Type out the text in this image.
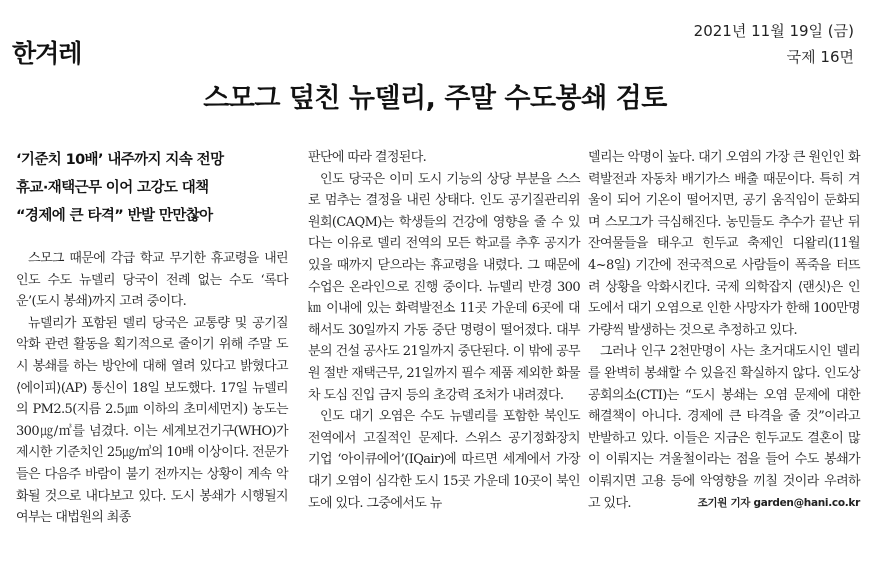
한겨레
2021년 11월 19일 (금)
국제 16면
스모그 덮친 뉴델리, 주말 수도봉쇄 검토
‘기준치 10배’ 내주까지 지속 전망
휴교·재택근무 이어 고강도 대책
“경제에 큰 타격” 반발 만만찮아

스모그 때문에 각급 학교 무기한 휴교령을 내린 인도 수도 뉴델리 당국이 전례 없는 수도 ‘록다운’(도시 봉쇄)까지 고려 중이다.

뉴델리가 포함된 델리 당국은 교통량 및 공기질 악화 관련 활동을 획기적으로 줄이기 위해 주말 도시 봉쇄를 하는 방안에 대해 열려 있다고 밝혔다고 ⟨에이피⟩(AP) 통신이 18일 보도했다. 17일 뉴델리의 PM2.5(지름 2.5㎛ 이하의 초미세먼지) 농도는 300㎍/㎥를 넘겼다. 이는 세계보건기구(WHO)가 제시한 기준치인 25㎍/㎥의 10배 이상이다. 전문가들은 다음주 바람이 불기 전까지는 상황이 계속 악화될 것으로 내다보고 있다. 도시 봉쇄가 시행될지 여부는 대법원의 최종

판단에 따라 결정된다.

인도 당국은 이미 도시 기능의 상당 부분을 스스로 멈추는 결정을 내린 상태다. 인도 공기질관리위원회(CAQM)는 학생들의 건강에 영향을 줄 수 있다는 이유로 델리 전역의 모든 학교를 추후 공지가 있을 때까지 닫으라는 휴교령을 내렸다. 그 때문에 수업은 온라인으로 진행 중이다. 뉴델리 반경 300㎞ 이내에 있는 화력발전소 11곳 가운데 6곳에 대해서도 30일까지 가동 중단 명령이 떨어졌다. 대부분의 건설 공사도 21일까지 중단된다. 이 밖에 공무원 절반 재택근무, 21일까지 필수 제품 제외한 화물차 도심 진입 금지 등의 초강력 조처가 내려졌다.

인도 대기 오염은 수도 뉴델리를 포함한 북인도 전역에서 고질적인 문제다. 스위스 공기정화장치 기업 ‘아이큐에어’(IQair)에 따르면 세계에서 가장 대기 오염이 심각한 도시 15곳 가운데 10곳이 북인도에 있다. 그중에서도 뉴

델리는 악명이 높다. 대기 오염의 가장 큰 원인인 화력발전과 자동차 배기가스 배출 때문이다. 특히 겨울이 되어 기온이 떨어지면, 공기 움직임이 둔화되며 스모그가 극심해진다. 농민들도 추수가 끝난 뒤 잔여물들을 태우고 힌두교 축제인 디왈리(11월4~8일) 기간에 전국적으로 사람들이 폭죽을 터뜨려 상황을 악화시킨다. 국제 의학잡지 ⟨랜싯⟩은 인도에서 대기 오염으로 인한 사망자가 한해 100만명가량씩 발생하는 것으로 추정하고 있다.

그러나 인구 2천만명이 사는 초거대도시인 델리를 완벽히 봉쇄할 수 있을진 확실하지 않다. 인도상공회의소(CTI)는 “도시 봉쇄는 오염 문제에 대한 해결책이 아니다. 경제에 큰 타격을 줄 것”이라고 반발하고 있다. 이들은 지금은 힌두교도 결혼이 많이 이뤄지는 겨울철이라는 점을 들어 수도 봉쇄가 이뤄지면 고용 등에 악영향을 끼칠 것이라 우려하고 있다.	조기원 기자 garden@hani.co.kr
